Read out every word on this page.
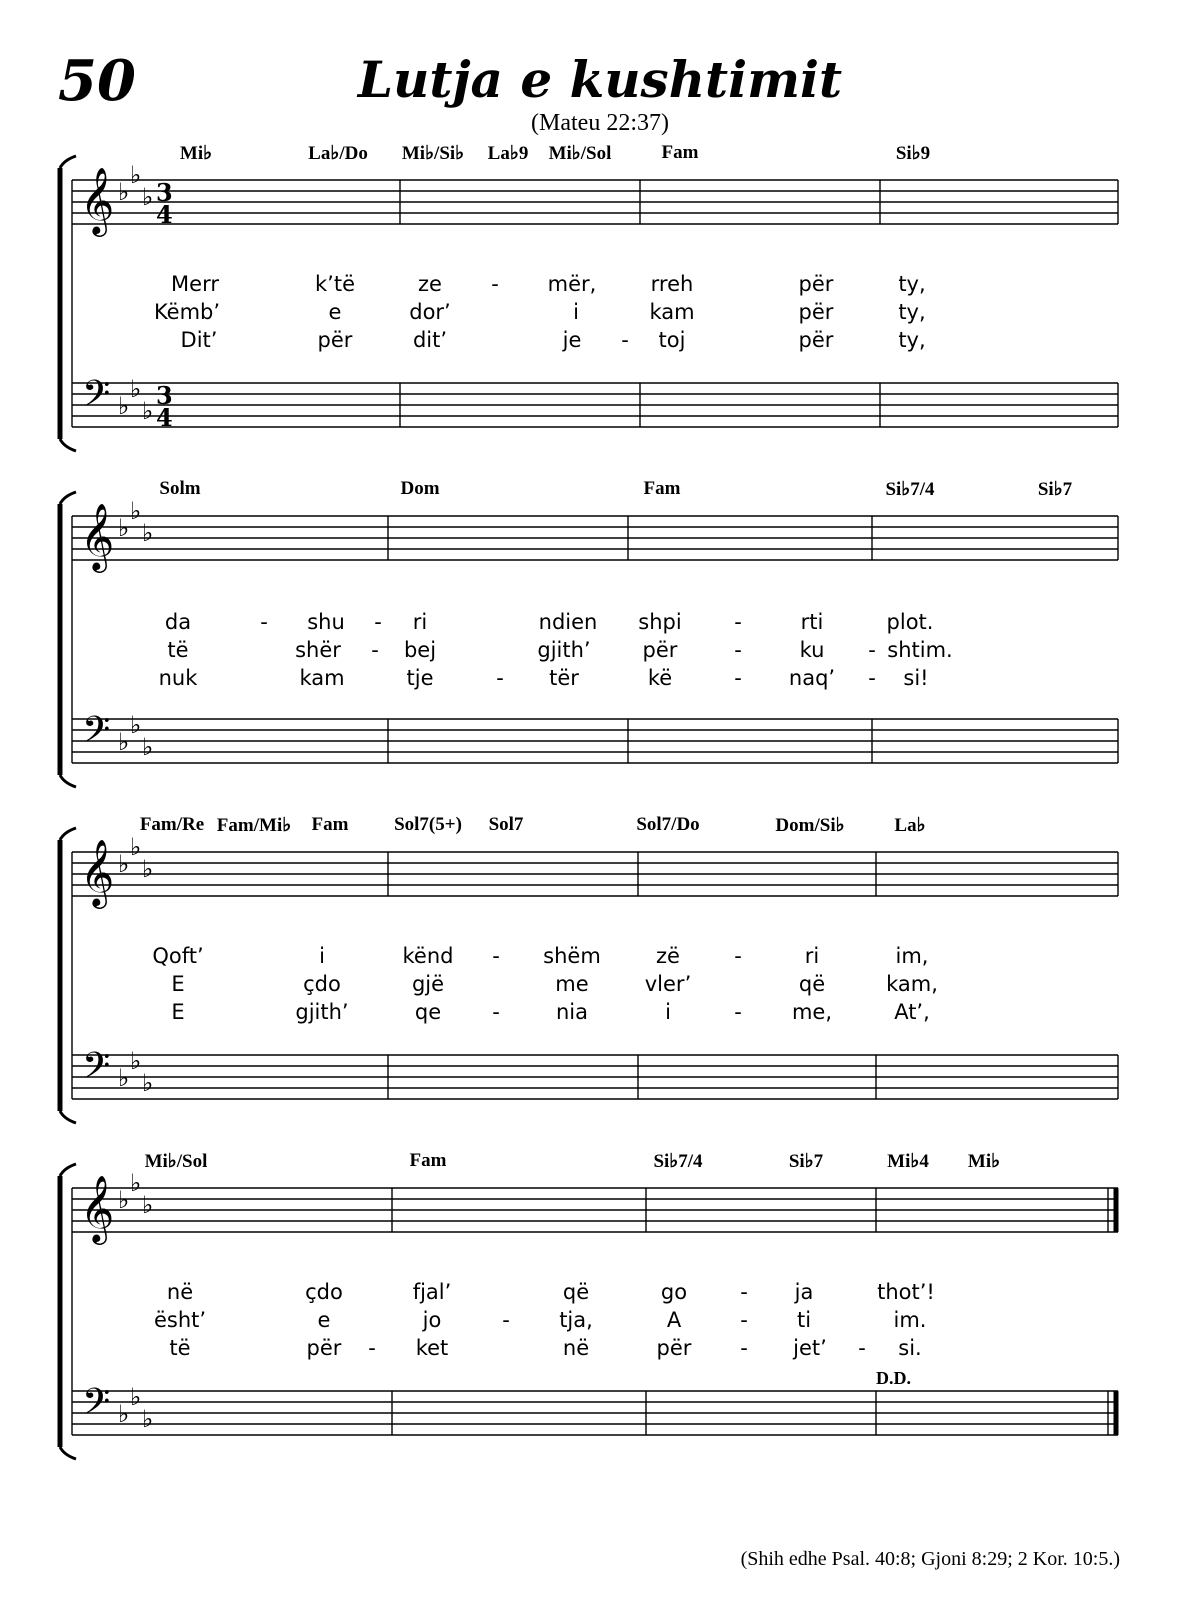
50	Lutja e kushtimit
(Mateu 22:37)
𝄞
𝄢
♭
♭
♭
♭
♭
♭
3
4
3
4
Mi♭	La♭/Do Mi♭/Si♭ La♭9 Mi♭/Sol	Fam	Si♭9
Merr	k’të	ze - mër,	rreh	për	ty,
Këmb’	e	dor’	i	kam	për	ty,
Dit’	për	dit’	je - toj	për	ty,
𝄞
𝄢
♭
♭
♭
♭
♭
♭
Solm	Dom	Fam	Si♭7/4	Si♭7
da	- shu - ri	ndien shpi	-	rti	plot.
të	shër - bej	gjith’ për	-	ku - shtim.
nuk	kam	tje	- tër	kë	- naq’ - si!
𝄞
𝄢
♭
♭
♭
♭
♭
♭
Fam/Re Fam/Mi♭ Fam Sol7(5+) Sol7	Sol7/Do	Dom/Si♭	La♭
Qoft’	i	kënd - shëm	zë	-	ri	im,
E	çdo	gjë	me	vler’	që	kam,
E	gjith’	qe -	nia	i	- me,	At’,
𝄞
𝄢
♭
♭
♭
♭
♭
♭
Mi♭/Sol	Fam	Si♭7/4	Si♭7	Mi♭4 Mi♭
në	çdo	fjal’	që	go	- ja	thot’!
ësht’	e	jo	- tja,	A	- ti	im.
të	për - ket	në	për - jet’ - si.
D.D.
(Shih edhe Psal. 40:8; Gjoni 8:29; 2 Kor. 10:5.)
